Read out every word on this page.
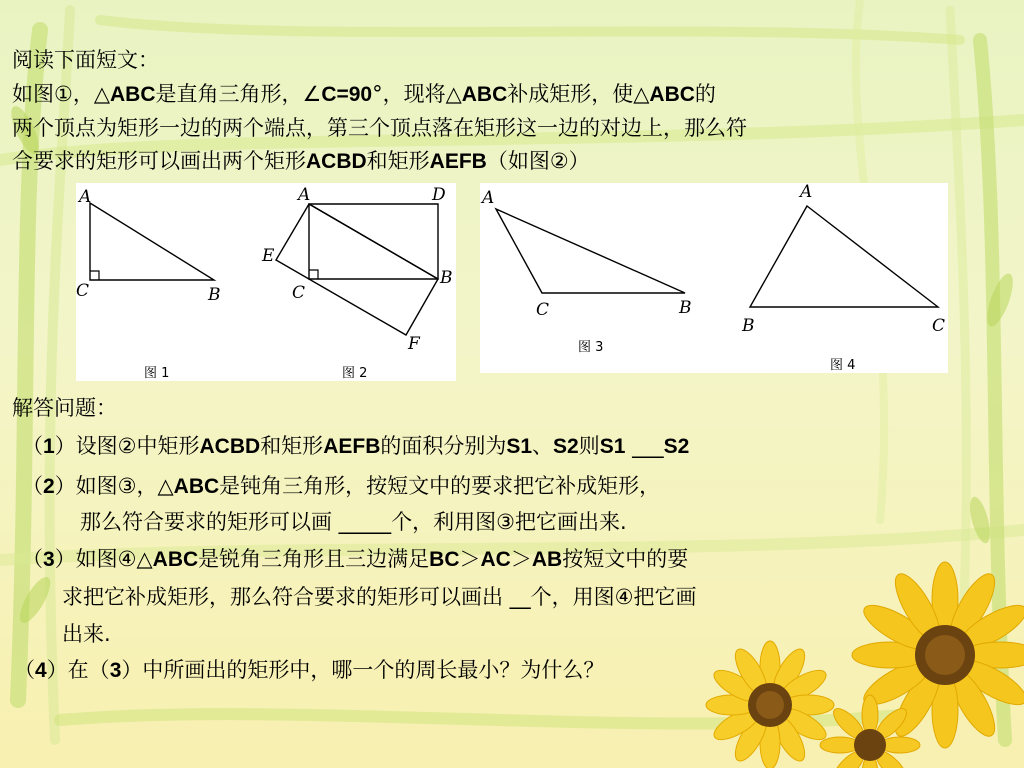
阅读下面短文：
如图①，△ABC是直角三角形，∠C=90°，现将△ABC补成矩形，使△ABC的
两个顶点为矩形一边的两个端点，第三个顶点落在矩形这一边的对边上，那么符
合要求的矩形可以画出两个矩形ACBD和矩形AEFB（如图②）
A
C	B
图 1
A	D
E
C
B
F
图 2
A
C	B
图 3
A
B	C
图 4
解答问题：
（1）设图②中矩形ACBD和矩形AEFB的面积分别为S1、S2则S1 ___S2
（2）如图③，△ABC是钝角三角形，按短文中的要求把它补成矩形，
那么符合要求的矩形可以画 _____个，利用图③把它画出来.
（3）如图④△ABC是锐角三角形且三边满足BC＞AC＞AB按短文中的要
求把它补成矩形，那么符合要求的矩形可以画出 __个，用图④把它画
出来.
（4）在（3）中所画出的矩形中，哪一个的周长最小？为什么？
